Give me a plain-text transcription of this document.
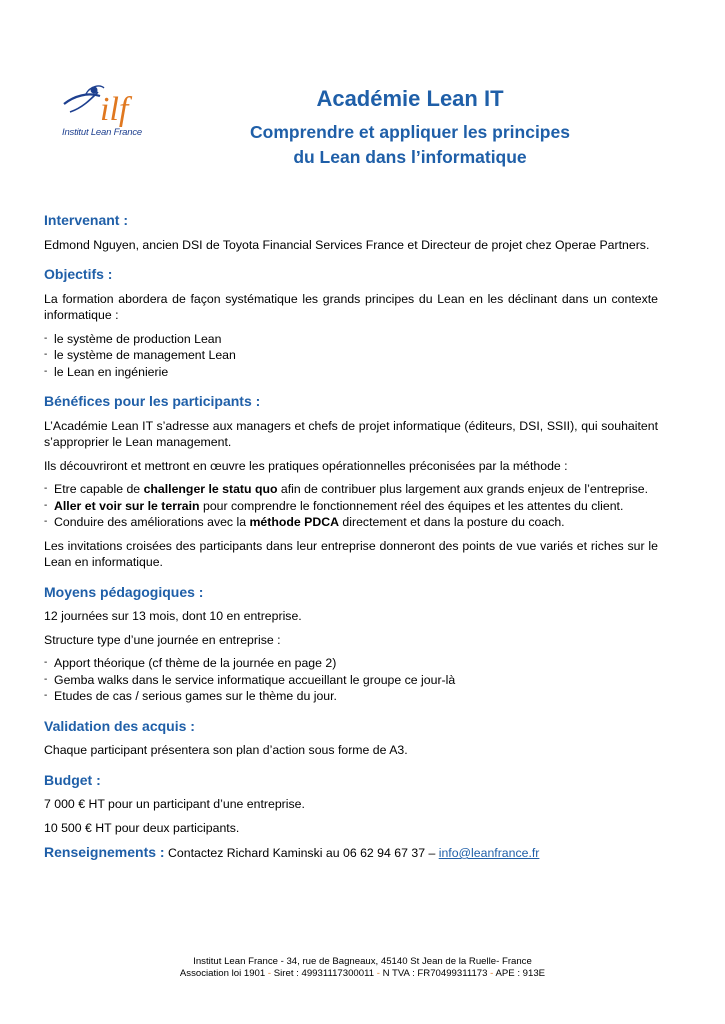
ilf
Institut Lean France
Académie Lean IT
Comprendre et appliquer les principes
du Lean dans l’informatique
Intervenant :
Edmond Nguyen, ancien DSI de Toyota Financial Services France et Directeur de projet chez Operae Partners.
Objectifs :
La formation abordera de façon systématique les grands principes du Lean en les déclinant dans un contexte informatique :
- le système de production Lean
- le système de management Lean
- le Lean en ingénierie
Bénéfices pour les participants :
L’Académie Lean IT s’adresse aux managers et chefs de projet informatique (éditeurs, DSI, SSII), qui souhaitent s’approprier le Lean management.
Ils découvriront et mettront en œuvre les pratiques opérationnelles préconisées par la méthode :
- Etre capable de challenger le statu quo afin de contribuer plus largement aux grands enjeux de l’entreprise.
- Aller et voir sur le terrain pour comprendre le fonctionnement réel des équipes et les attentes du client.
- Conduire des améliorations avec la méthode PDCA directement et dans la posture du coach.
Les invitations croisées des participants dans leur entreprise donneront des points de vue variés et riches sur le Lean en informatique.
Moyens pédagogiques :
12 journées sur 13 mois, dont 10 en entreprise.
Structure type d’une journée en entreprise :
- Apport théorique (cf thème de la journée en page 2)
- Gemba walks dans le service informatique accueillant le groupe ce jour-là
- Etudes de cas / serious games sur le thème du jour.
Validation des acquis :
Chaque participant présentera son plan d’action sous forme de A3.
Budget :
7 000 € HT pour un participant d’une entreprise.
10 500 € HT pour deux participants.
Renseignements : Contactez Richard Kaminski au 06 62 94 67 37 – info@leanfrance.fr
Institut Lean France - 34, rue de Bagneaux, 45140 St Jean de la Ruelle- France
Association loi 1901 - Siret : 49931117300011 - N TVA : FR70499311173 - APE : 913E
